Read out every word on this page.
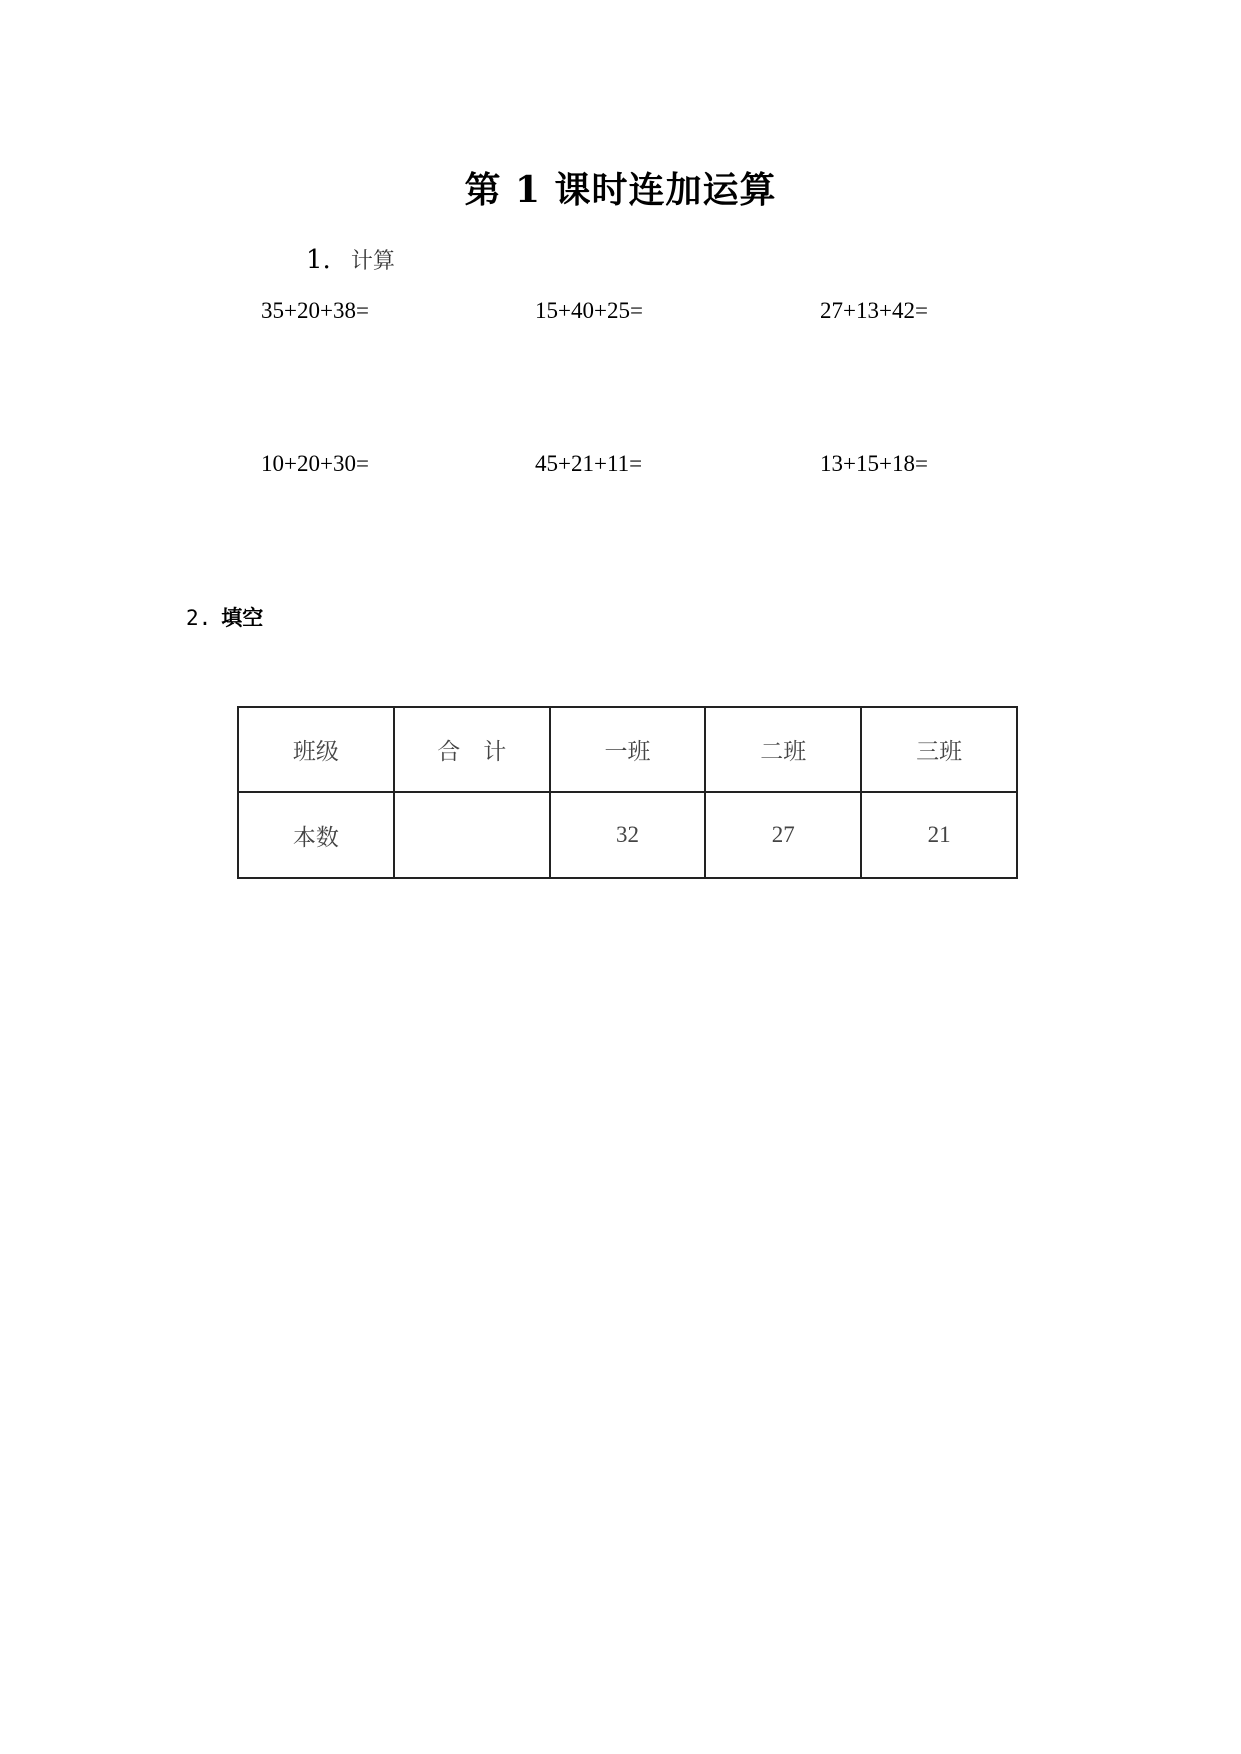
第 1 课时连加运算
1. 计算
35+20+38=	15+40+25=	27+13+42=
10+20+30=	45+21+11=	13+15+18=
2. 填空
班级	合　计	一班	二班	三班
本数		32	27	21
